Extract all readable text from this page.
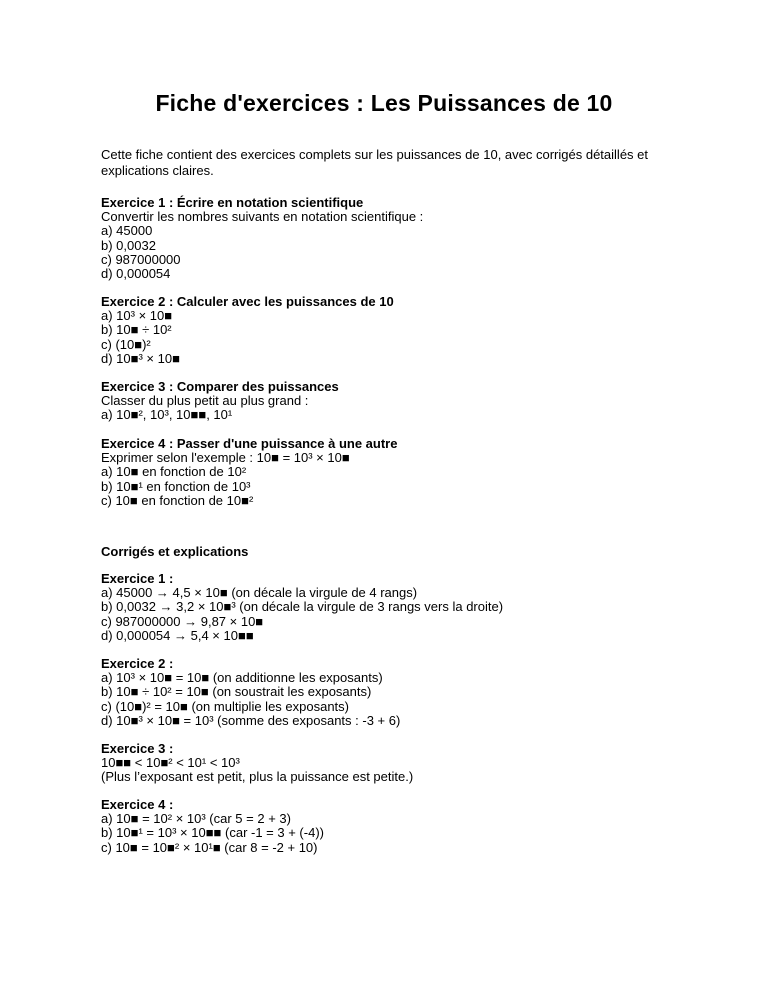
Fiche d'exercices : Les Puissances de 10

Cette fiche contient des exercices complets sur les puissances de 10, avec corrigés détaillés et explications claires.

Exercice 1 : Écrire en notation scientifique
Convertir les nombres suivants en notation scientifique :
a) 45000
b) 0,0032
c) 987000000
d) 0,000054
Exercice 2 : Calculer avec les puissances de 10
a) 10³ × 10■
b) 10■ ÷ 10²
c) (10■)²
d) 10■³ × 10■
Exercice 3 : Comparer des puissances
Classer du plus petit au plus grand :
a) 10■², 10³, 10■■, 10¹
Exercice 4 : Passer d'une puissance à une autre
Exprimer selon l'exemple : 10■ = 10³ × 10■
a) 10■ en fonction de 10²
b) 10■¹ en fonction de 10³
c) 10■ en fonction de 10■²

Corrigés et explications

Exercice 1 :
a) 45000 → 4,5 × 10■ (on décale la virgule de 4 rangs)
b) 0,0032 → 3,2 × 10■³ (on décale la virgule de 3 rangs vers la droite)
c) 987000000 → 9,87 × 10■
d) 0,000054 → 5,4 × 10■■
Exercice 2 :
a) 10³ × 10■ = 10■ (on additionne les exposants)
b) 10■ ÷ 10² = 10■ (on soustrait les exposants)
c) (10■)² = 10■ (on multiplie les exposants)
d) 10■³ × 10■ = 10³ (somme des exposants : -3 + 6)
Exercice 3 :
10■■ < 10■² < 10¹ < 10³
(Plus l’exposant est petit, plus la puissance est petite.)
Exercice 4 :
a) 10■ = 10² × 10³ (car 5 = 2 + 3)
b) 10■¹ = 10³ × 10■■ (car -1 = 3 + (-4))
c) 10■ = 10■² × 10¹■ (car 8 = -2 + 10)
